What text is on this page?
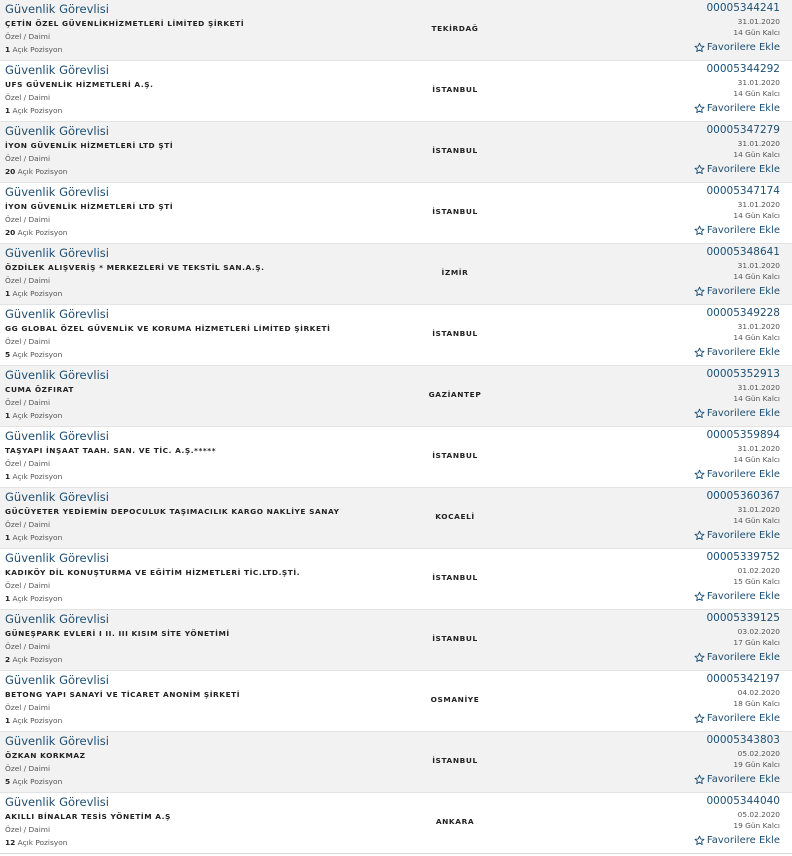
Güvenlik Görevlisi
ÇETİN ÖZEL GÜVENLİKHİZMETLERİ LİMİTED ŞİRKETİ
Özel / Daimi
1 Açık Pozisyon
TEKİRDAĞ
00005344241
31.01.2020
14 Gün Kalcı
Favorilere Ekle
Güvenlik Görevlisi
UFS GÜVENLİK HİZMETLERİ A.Ş.
Özel / Daimi
1 Açık Pozisyon
İSTANBUL
00005344292
31.01.2020
14 Gün Kalcı
Favorilere Ekle
Güvenlik Görevlisi
İYON GÜVENLİK HİZMETLERİ LTD ŞTİ
Özel / Daimi
20 Açık Pozisyon
İSTANBUL
00005347279
31.01.2020
14 Gün Kalcı
Favorilere Ekle
Güvenlik Görevlisi
İYON GÜVENLİK HİZMETLERİ LTD ŞTİ
Özel / Daimi
20 Açık Pozisyon
İSTANBUL
00005347174
31.01.2020
14 Gün Kalcı
Favorilere Ekle
Güvenlik Görevlisi
ÖZDİLEK ALIŞVERİŞ * MERKEZLERİ VE TEKSTİL SAN.A.Ş.
Özel / Daimi
1 Açık Pozisyon
İZMİR
00005348641
31.01.2020
14 Gün Kalcı
Favorilere Ekle
Güvenlik Görevlisi
GG GLOBAL ÖZEL GÜVENLİK VE KORUMA HİZMETLERİ LİMİTED ŞİRKETİ
Özel / Daimi
5 Açık Pozisyon
İSTANBUL
00005349228
31.01.2020
14 Gün Kalcı
Favorilere Ekle
Güvenlik Görevlisi
CUMA ÖZFIRAT
Özel / Daimi
1 Açık Pozisyon
GAZİANTEP
00005352913
31.01.2020
14 Gün Kalcı
Favorilere Ekle
Güvenlik Görevlisi
TAŞYAPI İNŞAAT TAAH. SAN. VE TİC. A.Ş.*****
Özel / Daimi
1 Açık Pozisyon
İSTANBUL
00005359894
31.01.2020
14 Gün Kalcı
Favorilere Ekle
Güvenlik Görevlisi
GÜCÜYETER YEDİEMİN DEPOCULUK TAŞIMACILIK KARGO NAKLİYE SANAY
Özel / Daimi
1 Açık Pozisyon
KOCAELİ
00005360367
31.01.2020
14 Gün Kalcı
Favorilere Ekle
Güvenlik Görevlisi
KADIKÖY DİL KONUŞTURMA VE EĞİTİM HİZMETLERİ TİC.LTD.ŞTİ.
Özel / Daimi
1 Açık Pozisyon
İSTANBUL
00005339752
01.02.2020
15 Gün Kalcı
Favorilere Ekle
Güvenlik Görevlisi
GÜNEŞPARK EVLERİ I II. III KISIM SİTE YÖNETİMİ
Özel / Daimi
2 Açık Pozisyon
İSTANBUL
00005339125
03.02.2020
17 Gün Kalcı
Favorilere Ekle
Güvenlik Görevlisi
BETONG YAPI SANAYİ VE TİCARET ANONİM ŞİRKETİ
Özel / Daimi
1 Açık Pozisyon
OSMANİYE
00005342197
04.02.2020
18 Gün Kalcı
Favorilere Ekle
Güvenlik Görevlisi
ÖZKAN KORKMAZ
Özel / Daimi
5 Açık Pozisyon
İSTANBUL
00005343803
05.02.2020
19 Gün Kalcı
Favorilere Ekle
Güvenlik Görevlisi
AKILLI BİNALAR TESİS YÖNETİM A.Ş
Özel / Daimi
12 Açık Pozisyon
ANKARA
00005344040
05.02.2020
19 Gün Kalcı
Favorilere Ekle
